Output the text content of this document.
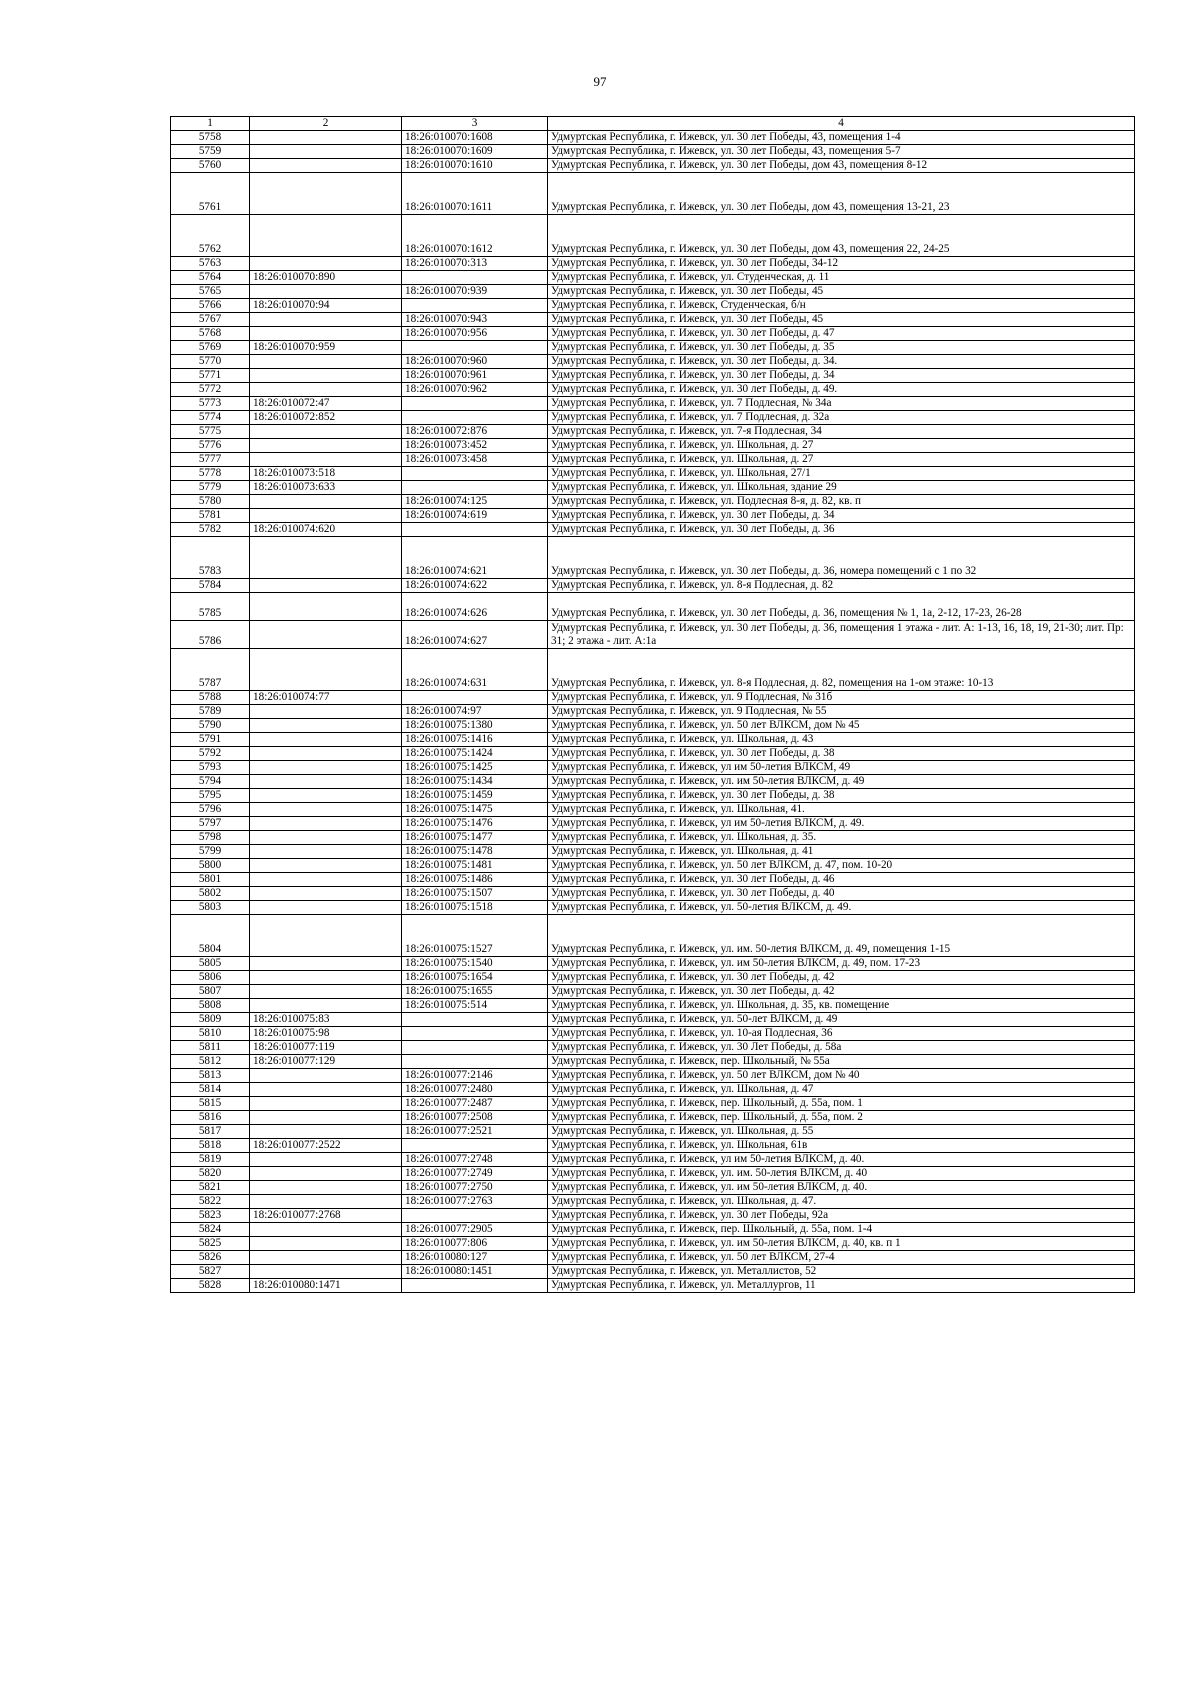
97
1	2	3	4
5758		18:26:010070:1608	Удмуртская Республика, г. Ижевск, ул. 30 лет Победы, 43, помещения 1-4
5759		18:26:010070:1609	Удмуртская Республика, г. Ижевск, ул. 30 лет Победы, 43, помещения 5-7
5760		18:26:010070:1610	Удмуртская Республика, г. Ижевск, ул. 30 лет Победы, дом 43, помещения 8-12
5761		18:26:010070:1611	Удмуртская Республика, г. Ижевск, ул. 30 лет Победы, дом 43, помещения 13-21, 23
5762		18:26:010070:1612	Удмуртская Республика, г. Ижевск, ул. 30 лет Победы, дом 43, помещения 22, 24-25
5763		18:26:010070:313	Удмуртская Республика, г. Ижевск, ул. 30 лет Победы, 34-12
5764	18:26:010070:890		Удмуртская Республика, г. Ижевск, ул. Студенческая, д. 11
5765		18:26:010070:939	Удмуртская Республика, г. Ижевск, ул. 30 лет Победы, 45
5766	18:26:010070:94		Удмуртская Республика, г. Ижевск, Студенческая, б/н
5767		18:26:010070:943	Удмуртская Республика, г. Ижевск, ул. 30 лет Победы, 45
5768		18:26:010070:956	Удмуртская Республика, г. Ижевск, ул. 30 лет Победы, д. 47
5769	18:26:010070:959		Удмуртская Республика, г. Ижевск, ул. 30 лет Победы, д. 35
5770		18:26:010070:960	Удмуртская Республика, г. Ижевск, ул. 30 лет Победы, д. 34.
5771		18:26:010070:961	Удмуртская Республика, г. Ижевск, ул. 30 лет Победы, д. 34
5772		18:26:010070:962	Удмуртская Республика, г. Ижевск, ул. 30 лет Победы, д. 49.
5773	18:26:010072:47		Удмуртская Республика, г. Ижевск, ул. 7 Подлесная, № 34а
5774	18:26:010072:852		Удмуртская Республика, г. Ижевск, ул. 7 Подлесная, д. 32а
5775		18:26:010072:876	Удмуртская Республика, г. Ижевск, ул. 7-я Подлесная, 34
5776		18:26:010073:452	Удмуртская Республика, г. Ижевск, ул. Школьная, д. 27
5777		18:26:010073:458	Удмуртская Республика, г. Ижевск, ул. Школьная, д. 27
5778	18:26:010073:518		Удмуртская Республика, г. Ижевск, ул. Школьная, 27/1
5779	18:26:010073:633		Удмуртская Республика, г. Ижевск, ул. Школьная, здание 29
5780		18:26:010074:125	Удмуртская Республика, г. Ижевск, ул. Подлесная 8-я, д. 82, кв. п
5781		18:26:010074:619	Удмуртская Республика, г. Ижевск, ул. 30 лет Победы, д. 34
5782	18:26:010074:620		Удмуртская Республика, г. Ижевск, ул. 30 лет Победы, д. 36
5783		18:26:010074:621	Удмуртская Республика, г. Ижевск, ул. 30 лет Победы, д. 36, номера помещений с 1 по 32
5784		18:26:010074:622	Удмуртская Республика, г. Ижевск, ул. 8-я Подлесная, д. 82
5785		18:26:010074:626	Удмуртская Республика, г. Ижевск, ул. 30 лет Победы, д. 36, помещения № 1, 1а, 2-12, 17-23, 26-28
5786		18:26:010074:627	Удмуртская Республика, г. Ижевск, ул. 30 лет Победы, д. 36, помещения 1 этажа - лит. А: 1-13, 16, 18, 19, 21-30; лит. Пр: 31; 2 этажа - лит. А:1а
5787		18:26:010074:631	Удмуртская Республика, г. Ижевск, ул. 8-я Подлесная, д. 82, помещения на 1-ом этаже: 10-13
5788	18:26:010074:77		Удмуртская Республика, г. Ижевск, ул. 9 Подлесная, № 31б
5789		18:26:010074:97	Удмуртская Республика, г. Ижевск, ул. 9 Подлесная, № 55
5790		18:26:010075:1380	Удмуртская Республика, г. Ижевск, ул. 50 лет ВЛКСМ, дом № 45
5791		18:26:010075:1416	Удмуртская Республика, г. Ижевск, ул. Школьная, д. 43
5792		18:26:010075:1424	Удмуртская Республика, г. Ижевск, ул. 30 лет Победы, д. 38
5793		18:26:010075:1425	Удмуртская Республика, г. Ижевск, ул им 50-летия ВЛКСМ, 49
5794		18:26:010075:1434	Удмуртская Республика, г. Ижевск, ул. им 50-летия ВЛКСМ, д. 49
5795		18:26:010075:1459	Удмуртская Республика, г. Ижевск, ул. 30 лет Победы, д. 38
5796		18:26:010075:1475	Удмуртская Республика, г. Ижевск, ул. Школьная, 41.
5797		18:26:010075:1476	Удмуртская Республика, г. Ижевск, ул им 50-летия ВЛКСМ, д. 49.
5798		18:26:010075:1477	Удмуртская Республика, г. Ижевск, ул. Школьная, д. 35.
5799		18:26:010075:1478	Удмуртская Республика, г. Ижевск, ул. Школьная, д. 41
5800		18:26:010075:1481	Удмуртская Республика, г. Ижевск, ул. 50 лет ВЛКСМ, д. 47, пом. 10-20
5801		18:26:010075:1486	Удмуртская Республика, г. Ижевск, ул. 30 лет Победы, д. 46
5802		18:26:010075:1507	Удмуртская Республика, г. Ижевск, ул. 30 лет Победы, д. 40
5803		18:26:010075:1518	Удмуртская Республика, г. Ижевск, ул. 50-летия ВЛКСМ, д. 49.
5804		18:26:010075:1527	Удмуртская Республика, г. Ижевск, ул. им. 50-летия ВЛКСМ, д. 49, помещения 1-15
5805		18:26:010075:1540	Удмуртская Республика, г. Ижевск, ул. им 50-летия ВЛКСМ, д. 49, пом. 17-23
5806		18:26:010075:1654	Удмуртская Республика, г. Ижевск, ул. 30 лет Победы, д. 42
5807		18:26:010075:1655	Удмуртская Республика, г. Ижевск, ул. 30 лет Победы, д. 42
5808		18:26:010075:514	Удмуртская Республика, г. Ижевск, ул. Школьная, д. 35, кв. помещение
5809	18:26:010075:83		Удмуртская Республика, г. Ижевск, ул. 50-лет ВЛКСМ, д. 49
5810	18:26:010075:98		Удмуртская Республика, г. Ижевск, ул. 10-ая Подлесная, 36
5811	18:26:010077:119		Удмуртская Республика, г. Ижевск, ул. 30 Лет Победы, д. 58а
5812	18:26:010077:129		Удмуртская Республика, г. Ижевск, пер. Школьный, № 55а
5813		18:26:010077:2146	Удмуртская Республика, г. Ижевск, ул. 50 лет ВЛКСМ, дом № 40
5814		18:26:010077:2480	Удмуртская Республика, г. Ижевск, ул. Школьная, д. 47
5815		18:26:010077:2487	Удмуртская Республика, г. Ижевск, пер. Школьный, д. 55а, пом. 1
5816		18:26:010077:2508	Удмуртская Республика, г. Ижевск, пер. Школьный, д. 55а, пом. 2
5817		18:26:010077:2521	Удмуртская Республика, г. Ижевск, ул. Школьная, д. 55
5818	18:26:010077:2522		Удмуртская Республика, г. Ижевск, ул. Школьная, 61в
5819		18:26:010077:2748	Удмуртская Республика, г. Ижевск, ул им 50-летия ВЛКСМ, д. 40.
5820		18:26:010077:2749	Удмуртская Республика, г. Ижевск, ул. им. 50-летия ВЛКСМ, д. 40
5821		18:26:010077:2750	Удмуртская Республика, г. Ижевск, ул. им 50-летия ВЛКСМ, д. 40.
5822		18:26:010077:2763	Удмуртская Республика, г. Ижевск, ул. Школьная, д. 47.
5823	18:26:010077:2768		Удмуртская Республика, г. Ижевск, ул. 30 лет Победы, 92а
5824		18:26:010077:2905	Удмуртская Республика, г. Ижевск, пер. Школьный, д. 55а, пом. 1-4
5825		18:26:010077:806	Удмуртская Республика, г. Ижевск, ул. им 50-летия ВЛКСМ, д. 40, кв. п 1
5826		18:26:010080:127	Удмуртская Республика, г. Ижевск, ул. 50 лет ВЛКСМ, 27-4
5827		18:26:010080:1451	Удмуртская Республика, г. Ижевск, ул. Металлистов, 52
5828	18:26:010080:1471		Удмуртская Республика, г. Ижевск, ул. Металлургов, 11
